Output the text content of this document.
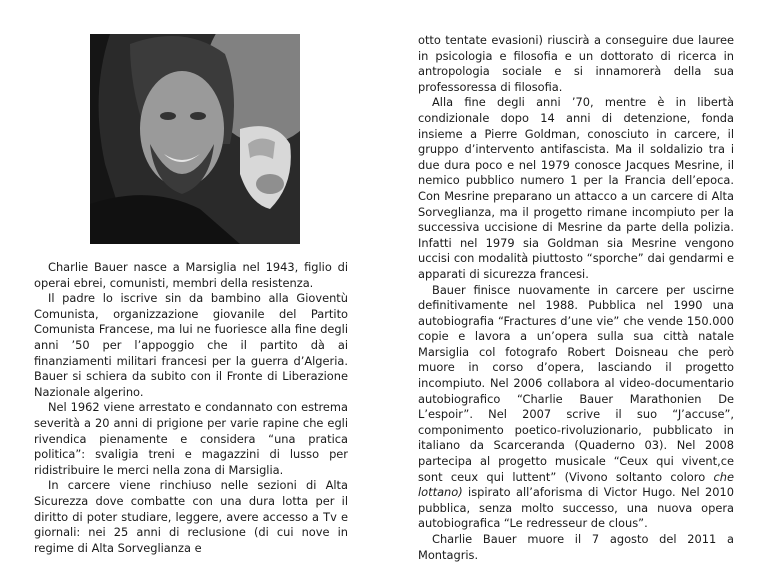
Charlie Bauer nasce a Marsiglia nel 1943, figlio di operai ebrei, comunisti, membri della resistenza.

Il padre lo iscrive sin da bambino alla Gioventù Comunista, organizzazione giovanile del Partito Comunista Francese, ma lui ne fuoriesce alla fine degli anni ’50 per l’appoggio che il partito dà ai finanziamenti militari francesi per la guerra d’Algeria. Bauer si schiera da subito con il Fronte di Liberazione Nazionale algerino.

Nel 1962 viene arrestato e condannato con estrema severità a 20 anni di prigione per varie rapine che egli rivendica pienamente e considera “una pratica politica”: svaligia treni e magazzini di lusso per ridistribuire le merci nella zona di Marsiglia.

In carcere viene rinchiuso nelle sezioni di Alta Sicurezza dove combatte con una dura lotta per il diritto di poter studiare, leggere, avere accesso a Tv e giornali: nei 25 anni di reclusione (di cui nove in regime di Alta Sorveglianza e

otto tentate evasioni) riuscirà a conseguire due lauree in psicologia e filosofia e un dottorato di ricerca in antropologia sociale e si innamorerà della sua professoressa di filosofia.

Alla fine degli anni ’70, mentre è in libertà condizionale dopo 14 anni di detenzione, fonda insieme a Pierre Goldman, conosciuto in carcere, il gruppo d’intervento antifascista. Ma il soldalizio tra i due dura poco e nel 1979 conosce Jacques Mesrine, il nemico pubblico numero 1 per la Francia dell’epoca. Con Mesrine preparano un attacco a un carcere di Alta Sorveglianza, ma il progetto rimane incompiuto per la successiva uccisione di Mesrine da parte della polizia. Infatti nel 1979 sia Goldman sia Mesrine vengono uccisi con modalità piuttosto “sporche” dai gendarmi e apparati di sicurezza francesi.

Bauer finisce nuovamente in carcere per uscirne definitivamente nel 1988. Pubblica nel 1990 una autobiografia “Fractures d’une vie” che vende 150.000 copie e lavora a un’opera sulla sua città natale Marsiglia col fotografo Robert Doisneau che però muore in corso d’opera, lasciando il progetto incompiuto. Nel 2006 collabora al video-documentario autobiografico “Charlie Bauer Marathonien De L’espoir”. Nel 2007 scrive il suo “J’accuse”, componimento poetico-rivoluzionario, pubblicato in italiano da Scarceranda (Quaderno 03). Nel 2008 partecipa al progetto musicale “Ceux qui vivent,ce sont ceux qui luttent” (Vivono soltanto coloro che lottano) ispirato all’aforisma di Victor Hugo. Nel 2010 pubblica, senza molto successo, una nuova opera autobiografica “Le redresseur de clous”.

Charlie Bauer muore il 7 agosto del 2011 a Montagris.
